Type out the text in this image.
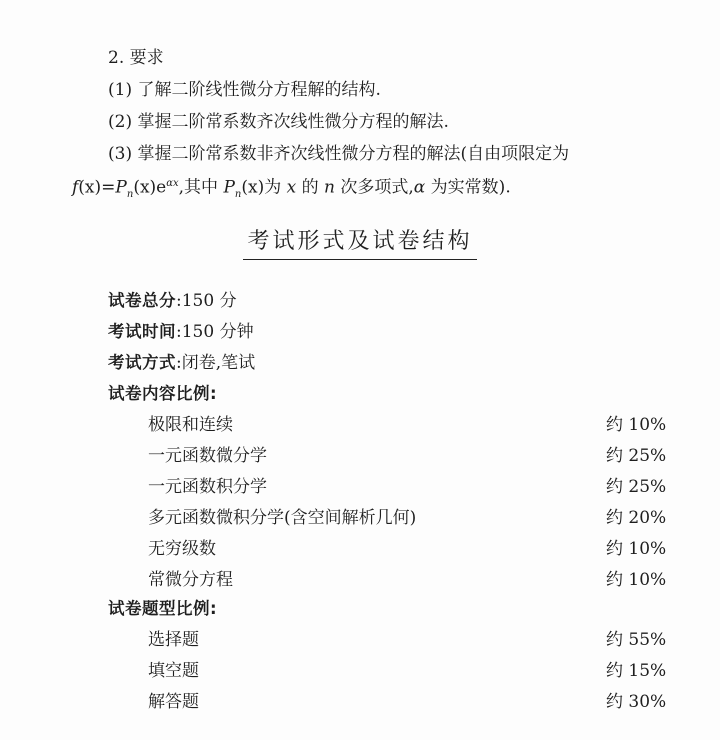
2. 要求
(1) 了解二阶线性微分方程解的结构.
(2) 掌握二阶常系数齐次线性微分方程的解法.
(3) 掌握二阶常系数非齐次线性微分方程的解法(自由项限定为
$f(x)=P_n(x)e^{\alpha x}$,其中 $P_n(x)$为 x 的 n 次多项式,α 为实常数).
考试形式及试卷结构
试卷总分:150 分
考试时间:150 分钟
考试方式:闭卷,笔试
试卷内容比例:
极限和连续	约 10%
一元函数微分学	约 25%
一元函数积分学	约 25%
多元函数微积分学(含空间解析几何)	约 20%
无穷级数	约 10%
常微分方程	约 10%
试卷题型比例:
选择题	约 55%
填空题	约 15%
解答题	约 30%
